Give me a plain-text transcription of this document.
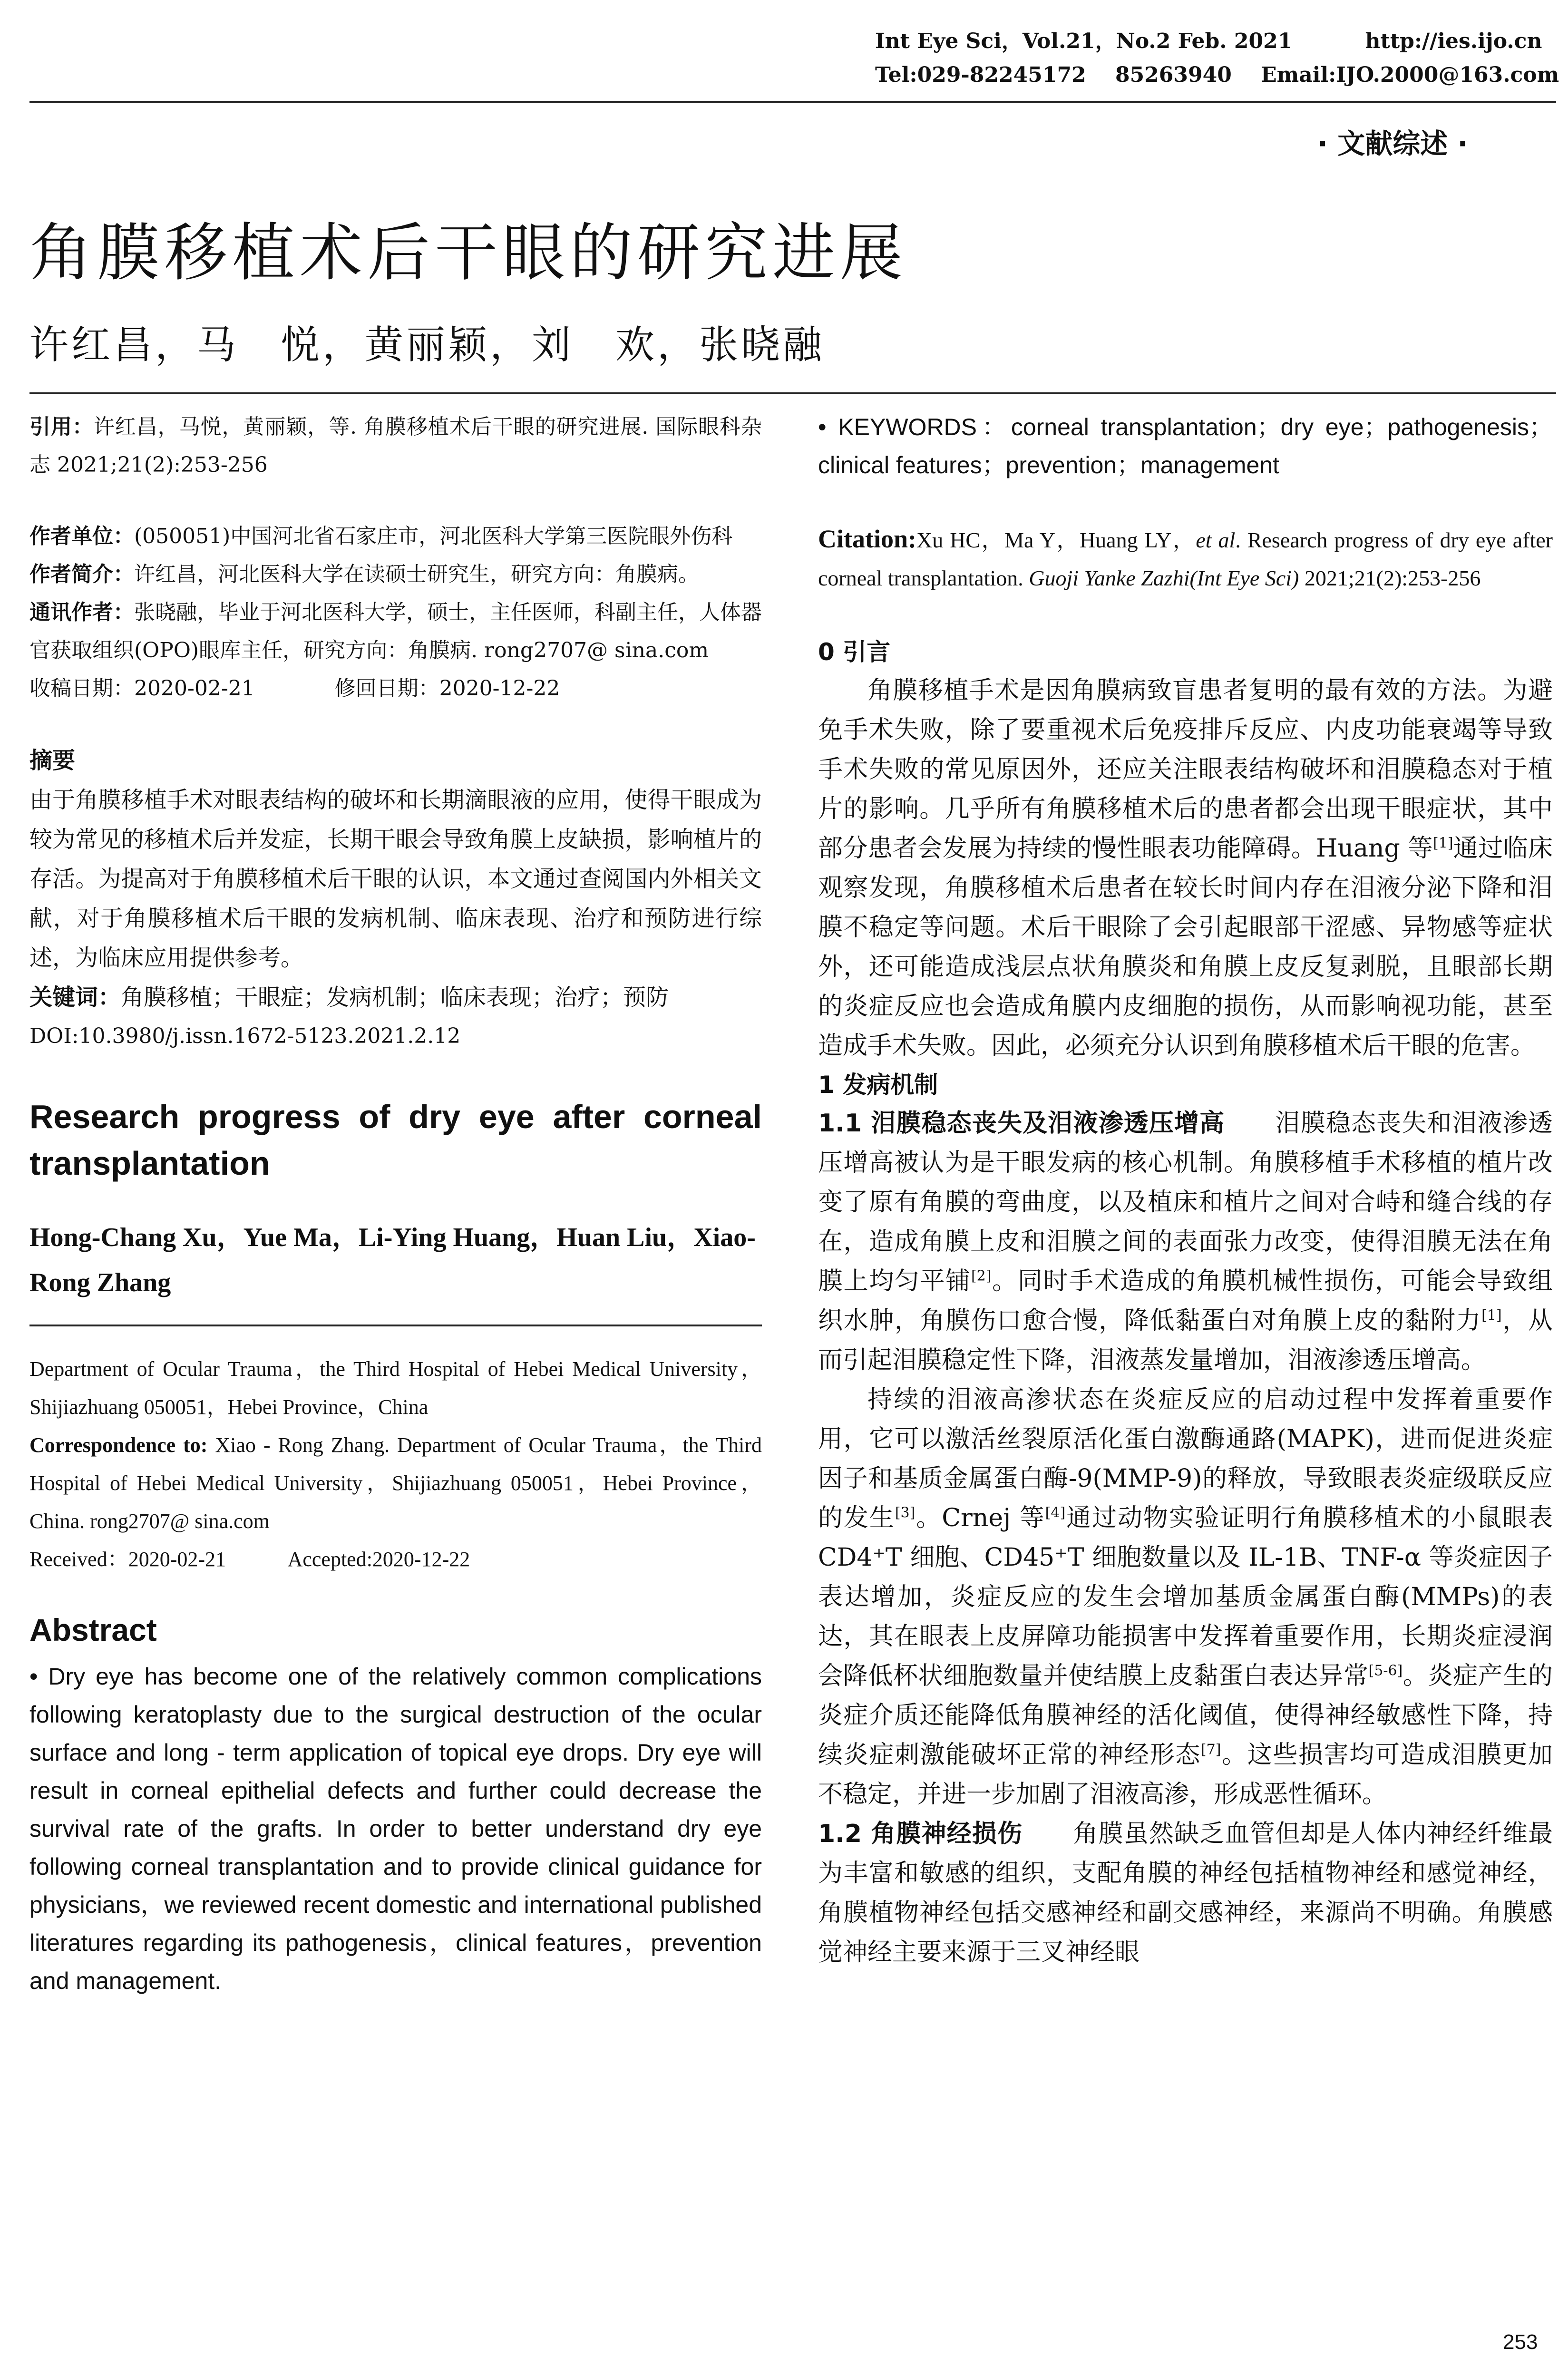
Int Eye Sci，Vol.21，No.2 Feb. 2021          http://ies.ijo.cn
Tel:029-82245172    85263940    Email:IJO.2000@163.com
· 文献综述 ·
角膜移植术后干眼的研究进展
许红昌，马　悦，黄丽颖，刘　欢，张晓融
引用：许红昌，马悦，黄丽颖，等. 角膜移植术后干眼的研究进展. 国际眼科杂志 2021;21(2):253-256
作者单位：(050051)中国河北省石家庄市，河北医科大学第三医院眼外伤科
作者简介：许红昌，河北医科大学在读硕士研究生，研究方向：角膜病。
通讯作者：张晓融，毕业于河北医科大学，硕士，主任医师，科副主任，人体器官获取组织(OPO)眼库主任，研究方向：角膜病. rong2707@ sina.com
收稿日期：2020-02-21	修回日期：2020-12-22
摘要
由于角膜移植手术对眼表结构的破坏和长期滴眼液的应用，使得干眼成为较为常见的移植术后并发症，长期干眼会导致角膜上皮缺损，影响植片的存活。为提高对于角膜移植术后干眼的认识，本文通过查阅国内外相关文献，对于角膜移植术后干眼的发病机制、临床表现、治疗和预防进行综述，为临床应用提供参考。
关键词：角膜移植；干眼症；发病机制；临床表现；治疗；预防
DOI:10.3980/j.issn.1672-5123.2021.2.12
Research progress of dry eye after corneal transplantation
Hong-Chang Xu，Yue Ma，Li-Ying Huang，Huan Liu，Xiao-Rong Zhang
Department of Ocular Trauma，the Third Hospital of Hebei Medical University，Shijiazhuang 050051，Hebei Province，China
Correspondence to: Xiao - Rong Zhang. Department of Ocular Trauma，the Third Hospital of Hebei Medical University，Shijiazhuang 050051，Hebei Province，China. rong2707@ sina.com
Received：2020-02-21	Accepted:2020-12-22
Abstract
• Dry eye has become one of the relatively common complications following keratoplasty due to the surgical destruction of the ocular surface and long - term application of topical eye drops. Dry eye will result in corneal epithelial defects and further could decrease the survival rate of the grafts. In order to better understand dry eye following corneal transplantation and to provide clinical guidance for physicians，we reviewed recent domestic and international published literatures regarding its pathogenesis，clinical features，prevention and management.
• KEYWORDS：corneal transplantation；dry eye；pathogenesis；clinical features；prevention；management
Citation:Xu HC，Ma Y，Huang LY，et al. Research progress of dry eye after corneal transplantation. Guoji Yanke Zazhi(Int Eye Sci) 2021;21(2):253-256
0 引言
角膜移植手术是因角膜病致盲患者复明的最有效的方法。为避免手术失败，除了要重视术后免疫排斥反应、内皮功能衰竭等导致手术失败的常见原因外，还应关注眼表结构破坏和泪膜稳态对于植片的影响。几乎所有角膜移植术后的患者都会出现干眼症状，其中部分患者会发展为持续的慢性眼表功能障碍。Huang 等[1]通过临床观察发现，角膜移植术后患者在较长时间内存在泪液分泌下降和泪膜不稳定等问题。术后干眼除了会引起眼部干涩感、异物感等症状外，还可能造成浅层点状角膜炎和角膜上皮反复剥脱，且眼部长期的炎症反应也会造成角膜内皮细胞的损伤，从而影响视功能，甚至造成手术失败。因此，必须充分认识到角膜移植术后干眼的危害。
1 发病机制
1.1 泪膜稳态丧失及泪液渗透压增高　　 泪膜稳态丧失和泪液渗透压增高被认为是干眼发病的核心机制。角膜移植手术移植的植片改变了原有角膜的弯曲度，以及植床和植片之间对合峙和缝合线的存在，造成角膜上皮和泪膜之间的表面张力改变，使得泪膜无法在角膜上均匀平铺[2]。同时手术造成的角膜机械性损伤，可能会导致组织水肿，角膜伤口愈合慢，降低黏蛋白对角膜上皮的黏附力[1]，从而引起泪膜稳定性下降，泪液蒸发量增加，泪液渗透压增高。
持续的泪液高渗状态在炎症反应的启动过程中发挥着重要作用，它可以激活丝裂原活化蛋白激酶通路(MAPK)，进而促进炎症因子和基质金属蛋白酶-9(MMP-9)的释放，导致眼表炎症级联反应的发生[3]。Crnej 等[4]通过动物实验证明行角膜移植术的小鼠眼表 CD4⁺T 细胞、CD45⁺T 细胞数量以及 IL-1B、TNF-α 等炎症因子表达增加，炎症反应的发生会增加基质金属蛋白酶(MMPs)的表达，其在眼表上皮屏障功能损害中发挥着重要作用，长期炎症浸润会降低杯状细胞数量并使结膜上皮黏蛋白表达异常[5-6]。炎症产生的炎症介质还能降低角膜神经的活化阈值，使得神经敏感性下降，持续炎症刺激能破坏正常的神经形态[7]。这些损害均可造成泪膜更加不稳定，并进一步加剧了泪液高渗，形成恶性循环。
1.2 角膜神经损伤　　 角膜虽然缺乏血管但却是人体内神经纤维最为丰富和敏感的组织，支配角膜的神经包括植物神经和感觉神经，角膜植物神经包括交感神经和副交感神经，来源尚不明确。角膜感觉神经主要来源于三叉神经眼
253
